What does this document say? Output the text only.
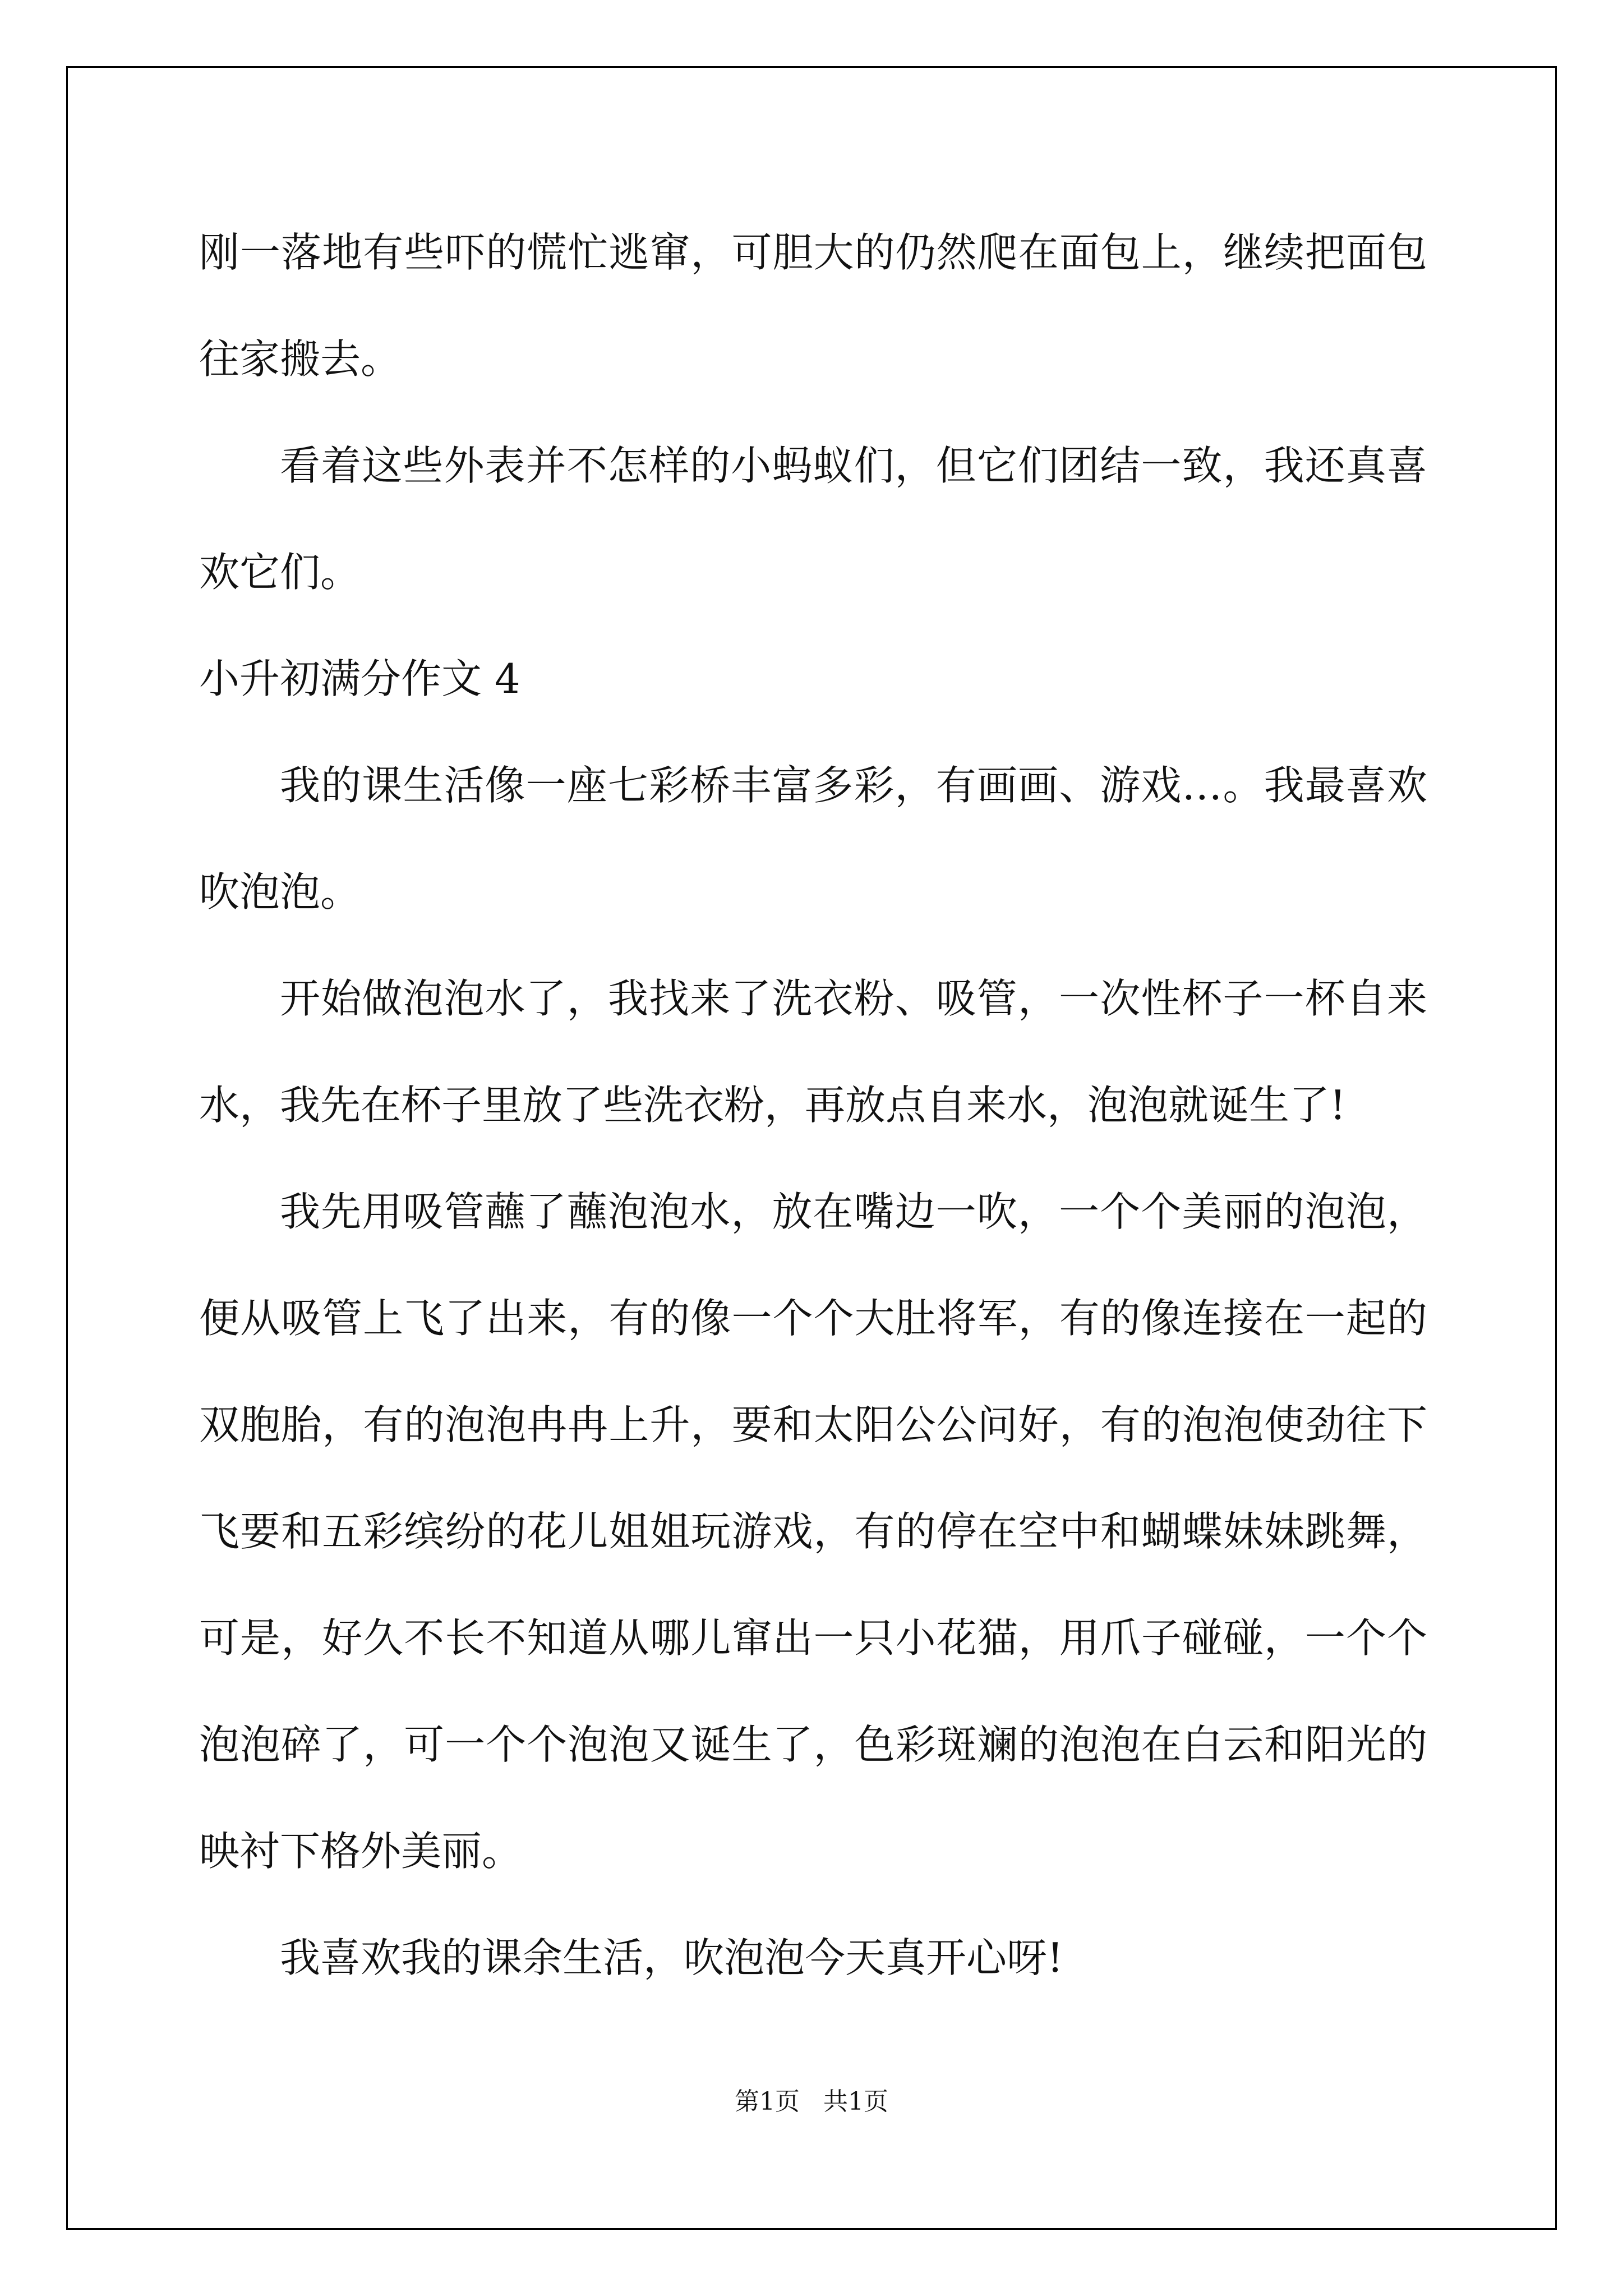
刚一落地有些吓的慌忙逃窜，可胆大的仍然爬在面包上，继续把面包往家搬去。

看着这些外表并不怎样的小蚂蚁们，但它们团结一致，我还真喜欢它们。

小升初满分作文 4

我的课生活像一座七彩桥丰富多彩，有画画、游戏…。我最喜欢吹泡泡。

开始做泡泡水了，我找来了洗衣粉、吸管，一次性杯子一杯自来水，我先在杯子里放了些洗衣粉，再放点自来水，泡泡就诞生了!

我先用吸管蘸了蘸泡泡水，放在嘴边一吹，一个个美丽的泡泡，便从吸管上飞了出来，有的像一个个大肚将军，有的像连接在一起的双胞胎，有的泡泡冉冉上升，要和太阳公公问好，有的泡泡使劲往下飞要和五彩缤纷的花儿姐姐玩游戏，有的停在空中和蝴蝶妹妹跳舞，可是，好久不长不知道从哪儿窜出一只小花猫，用爪子碰碰，一个个泡泡碎了，可一个个泡泡又诞生了，色彩斑斓的泡泡在白云和阳光的映衬下格外美丽。

我喜欢我的课余生活，吹泡泡今天真开心呀!

第1页 共1页
